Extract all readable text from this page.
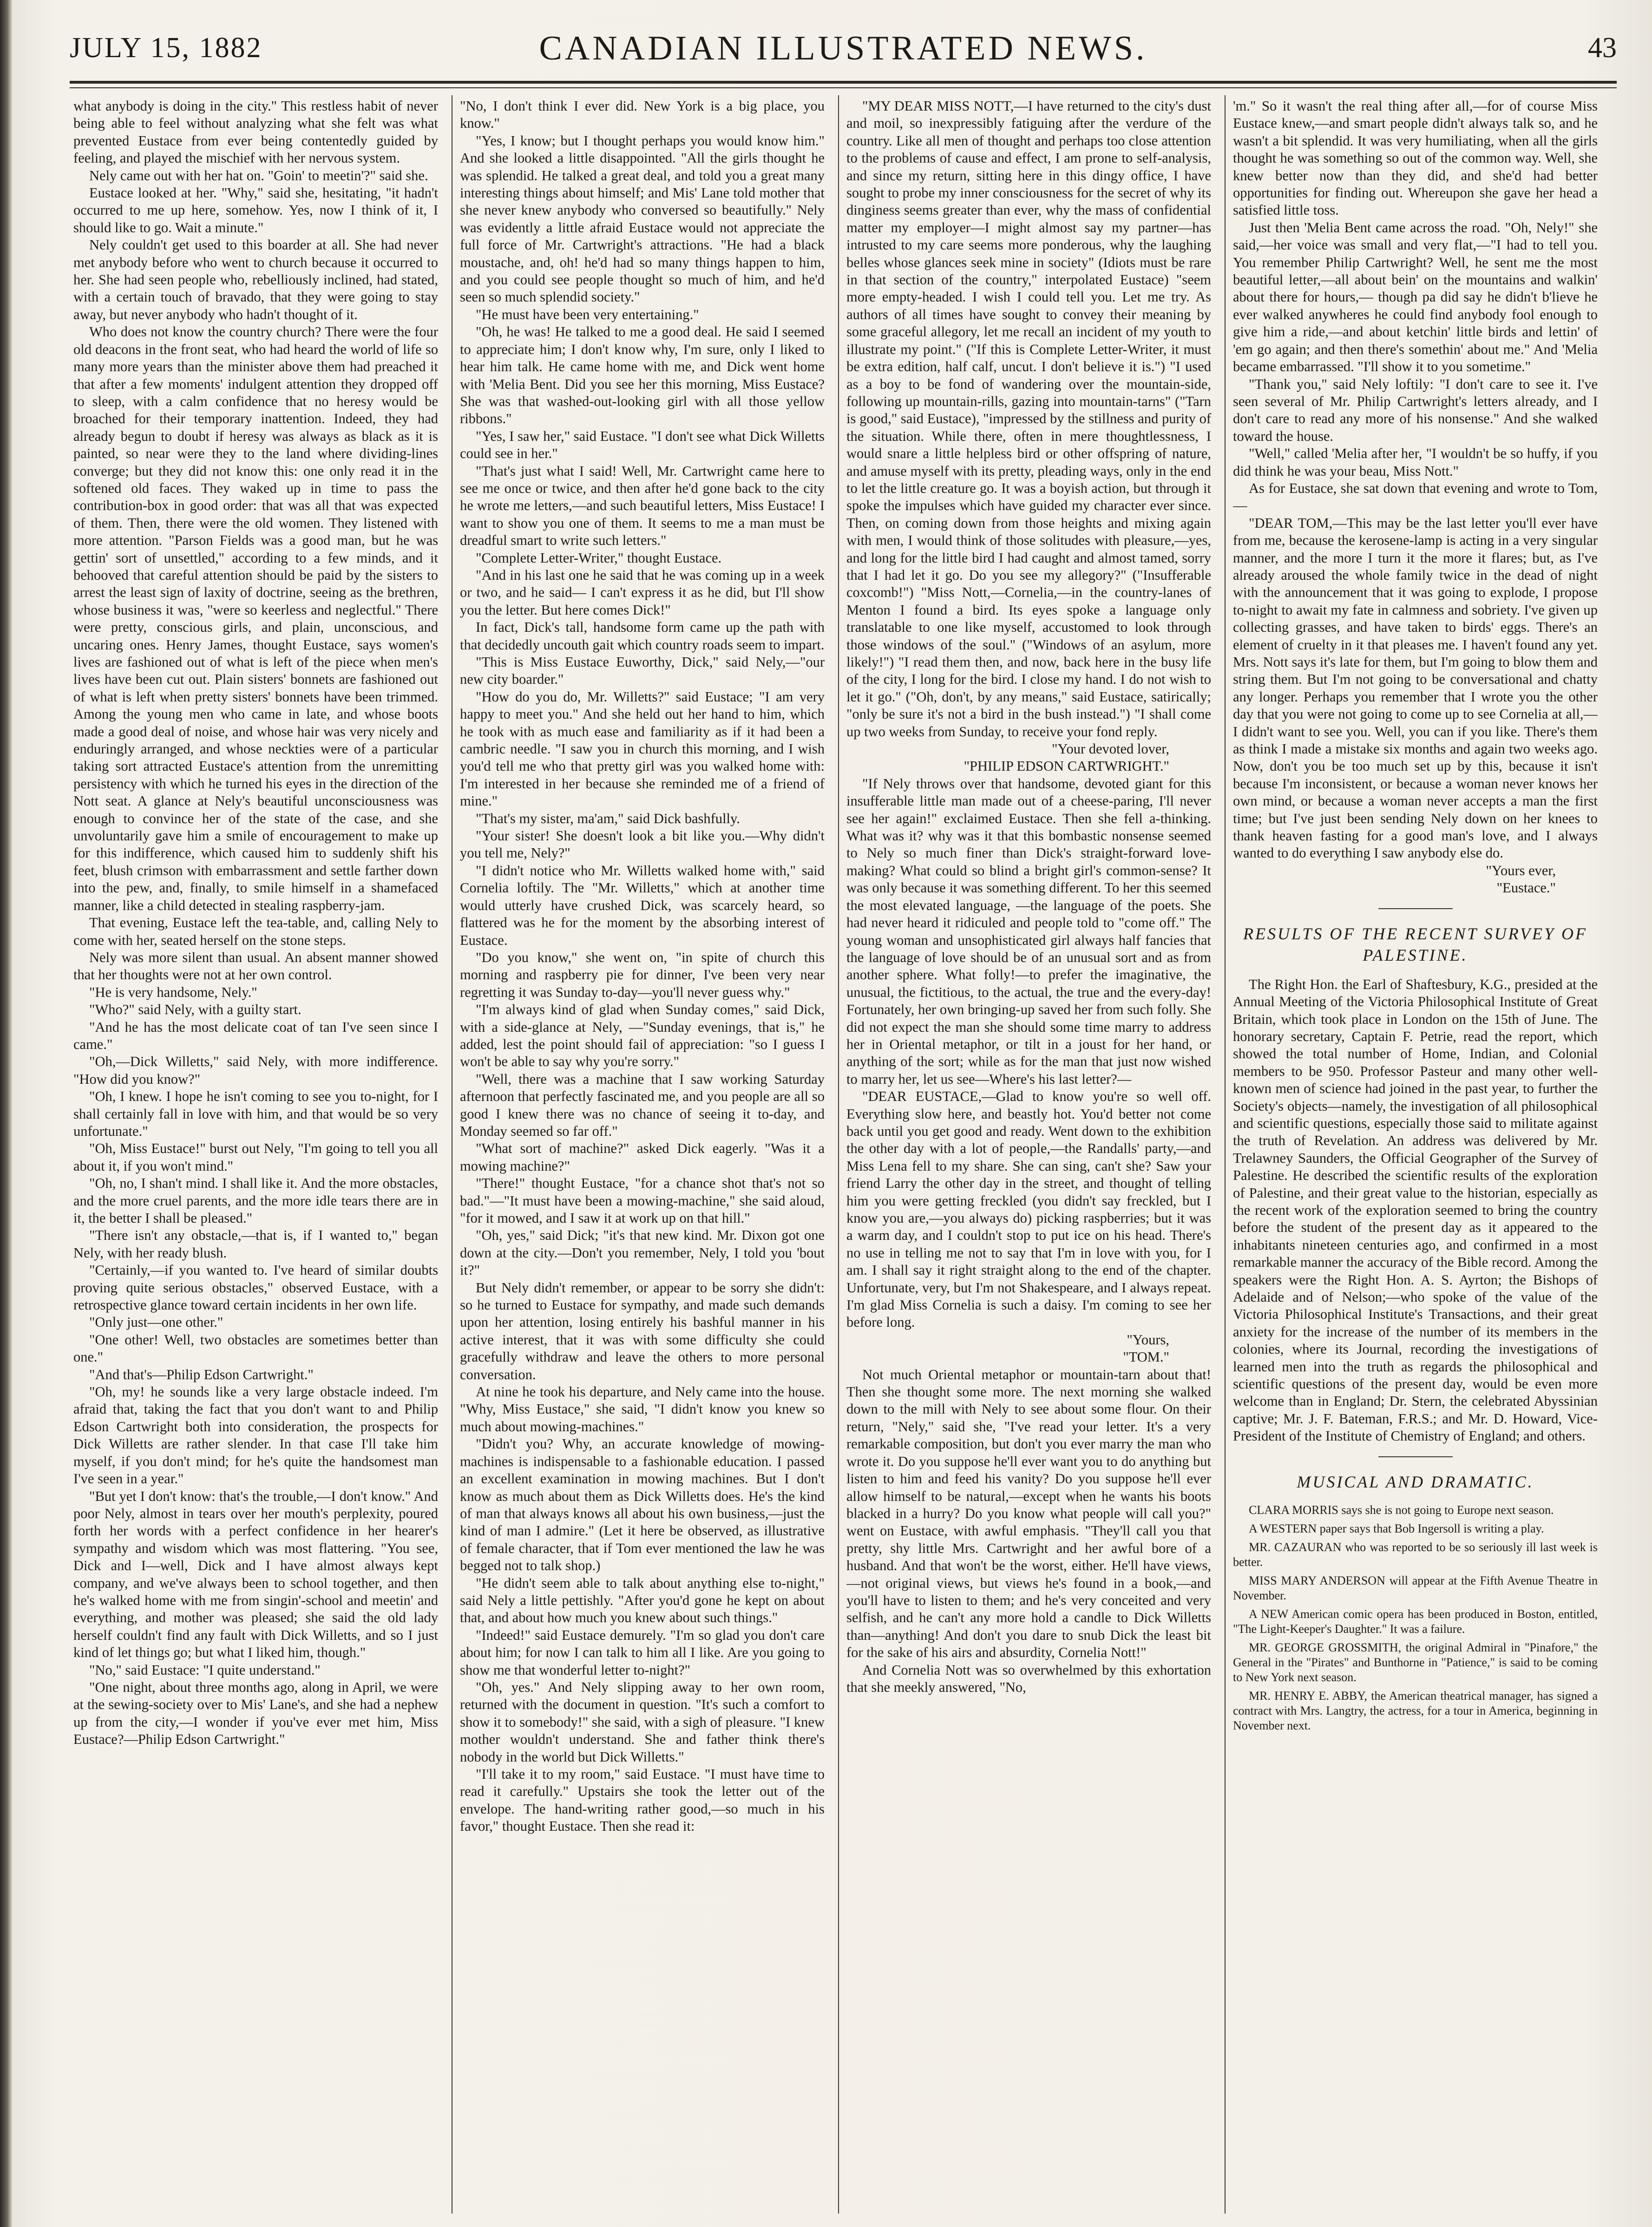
JULY 15, 1882	CANADIAN ILLUSTRATED NEWS.	43

what anybody is doing in the city." This restless habit of never being able to feel without analyzing what she felt was what prevented Eustace from ever being contentedly guided by feeling, and played the mischief with her nervous system.

Nely came out with her hat on. "Goin' to meetin'?" said she.

Eustace looked at her. "Why," said she, hesitating, "it hadn't occurred to me up here, somehow. Yes, now I think of it, I should like to go. Wait a minute."

Nely couldn't get used to this boarder at all. She had never met anybody before who went to church because it occurred to her. She had seen people who, rebelliously inclined, had stated, with a certain touch of bravado, that they were going to stay away, but never anybody who hadn't thought of it.

Who does not know the country church? There were the four old deacons in the front seat, who had heard the world of life so many more years than the minister above them had preached it that after a few moments' indulgent attention they dropped off to sleep, with a calm confidence that no heresy would be broached for their temporary inattention. Indeed, they had already begun to doubt if heresy was always as black as it is painted, so near were they to the land where dividing-lines converge; but they did not know this: one only read it in the softened old faces. They waked up in time to pass the contribution-box in good order: that was all that was expected of them. Then, there were the old women. They listened with more attention. "Parson Fields was a good man, but he was gettin' sort of unsettled," according to a few minds, and it behooved that careful attention should be paid by the sisters to arrest the least sign of laxity of doctrine, seeing as the brethren, whose business it was, "were so keerless and neglectful." There were pretty, conscious girls, and plain, unconscious, and uncaring ones. Henry James, thought Eustace, says women's lives are fashioned out of what is left of the piece when men's lives have been cut out. Plain sisters' bonnets are fashioned out of what is left when pretty sisters' bonnets have been trimmed. Among the young men who came in late, and whose boots made a good deal of noise, and whose hair was very nicely and enduringly arranged, and whose neckties were of a particular taking sort attracted Eustace's attention from the unremitting persistency with which he turned his eyes in the direction of the Nott seat. A glance at Nely's beautiful unconsciousness was enough to convince her of the state of the case, and she unvoluntarily gave him a smile of encouragement to make up for this indifference, which caused him to suddenly shift his feet, blush crimson with embarrassment and settle farther down into the pew, and, finally, to smile himself in a shamefaced manner, like a child detected in stealing raspberry-jam.

That evening, Eustace left the tea-table, and, calling Nely to come with her, seated herself on the stone steps.

Nely was more silent than usual. An absent manner showed that her thoughts were not at her own control.

"He is very handsome, Nely."

"Who?" said Nely, with a guilty start.

"And he has the most delicate coat of tan I've seen since I came."

"Oh,—Dick Willetts," said Nely, with more indifference. "How did you know?"

"Oh, I knew. I hope he isn't coming to see you to-night, for I shall certainly fall in love with him, and that would be so very unfortunate."

"Oh, Miss Eustace!" burst out Nely, "I'm going to tell you all about it, if you won't mind."

"Oh, no, I shan't mind. I shall like it. And the more obstacles, and the more cruel parents, and the more idle tears there are in it, the better I shall be pleased."

"There isn't any obstacle,—that is, if I wanted to," began Nely, with her ready blush.

"Certainly,—if you wanted to. I've heard of similar doubts proving quite serious obstacles," observed Eustace, with a retrospective glance toward certain incidents in her own life.

"Only just—one other."

"One other! Well, two obstacles are sometimes better than one."

"And that's—Philip Edson Cartwright."

"Oh, my! he sounds like a very large obstacle indeed. I'm afraid that, taking the fact that you don't want to and Philip Edson Cartwright both into consideration, the prospects for Dick Willetts are rather slender. In that case I'll take him myself, if you don't mind; for he's quite the handsomest man I've seen in a year."

"But yet I don't know: that's the trouble,—I don't know." And poor Nely, almost in tears over her mouth's perplexity, poured forth her words with a perfect confidence in her hearer's sympathy and wisdom which was most flattering. "You see, Dick and I—well, Dick and I have almost always kept company, and we've always been to school together, and then he's walked home with me from singin'-school and meetin' and everything, and mother was pleased; she said the old lady herself couldn't find any fault with Dick Willetts, and so I just kind of let things go; but what I liked him, though."

"No," said Eustace: "I quite understand."

"One night, about three months ago, along in April, we were at the sewing-society over to Mis' Lane's, and she had a nephew up from the city,—I wonder if you've ever met him, Miss Eustace?—Philip Edson Cartwright."

"No, I don't think I ever did. New York is a big place, you know."

"Yes, I know; but I thought perhaps you would know him." And she looked a little disappointed. "All the girls thought he was splendid. He talked a great deal, and told you a great many interesting things about himself; and Mis' Lane told mother that she never knew anybody who conversed so beautifully." Nely was evidently a little afraid Eustace would not appreciate the full force of Mr. Cartwright's attractions. "He had a black moustache, and, oh! he'd had so many things happen to him, and you could see people thought so much of him, and he'd seen so much splendid society."

"He must have been very entertaining."

"Oh, he was! He talked to me a good deal. He said I seemed to appreciate him; I don't know why, I'm sure, only I liked to hear him talk. He came home with me, and Dick went home with 'Melia Bent. Did you see her this morning, Miss Eustace? She was that washed-out-looking girl with all those yellow ribbons."

"Yes, I saw her," said Eustace. "I don't see what Dick Willetts could see in her."

"That's just what I said! Well, Mr. Cartwright came here to see me once or twice, and then after he'd gone back to the city he wrote me letters,—and such beautiful letters, Miss Eustace! I want to show you one of them. It seems to me a man must be dreadful smart to write such letters."

"Complete Letter-Writer," thought Eustace.

"And in his last one he said that he was coming up in a week or two, and he said— I can't express it as he did, but I'll show you the letter. But here comes Dick!"

In fact, Dick's tall, handsome form came up the path with that decidedly uncouth gait which country roads seem to impart.

"This is Miss Eustace Euworthy, Dick," said Nely,—"our new city boarder."

"How do you do, Mr. Willetts?" said Eustace; "I am very happy to meet you." And she held out her hand to him, which he took with as much ease and familiarity as if it had been a cambric needle. "I saw you in church this morning, and I wish you'd tell me who that pretty girl was you walked home with: I'm interested in her because she reminded me of a friend of mine."

"That's my sister, ma'am," said Dick bashfully.

"Your sister! She doesn't look a bit like you.—Why didn't you tell me, Nely?"

"I didn't notice who Mr. Willetts walked home with," said Cornelia loftily. The "Mr. Willetts," which at another time would utterly have crushed Dick, was scarcely heard, so flattered was he for the moment by the absorbing interest of Eustace.

"Do you know," she went on, "in spite of church this morning and raspberry pie for dinner, I've been very near regretting it was Sunday to-day—you'll never guess why."

"I'm always kind of glad when Sunday comes," said Dick, with a side-glance at Nely, —"Sunday evenings, that is," he added, lest the point should fail of appreciation: "so I guess I won't be able to say why you're sorry."

"Well, there was a machine that I saw working Saturday afternoon that perfectly fascinated me, and you people are all so good I knew there was no chance of seeing it to-day, and Monday seemed so far off."

"What sort of machine?" asked Dick eagerly. "Was it a mowing machine?"

"There!" thought Eustace, "for a chance shot that's not so bad."—"It must have been a mowing-machine," she said aloud, "for it mowed, and I saw it at work up on that hill."

"Oh, yes," said Dick; "it's that new kind. Mr. Dixon got one down at the city.—Don't you remember, Nely, I told you 'bout it?"

But Nely didn't remember, or appear to be sorry she didn't: so he turned to Eustace for sympathy, and made such demands upon her attention, losing entirely his bashful manner in his active interest, that it was with some difficulty she could gracefully withdraw and leave the others to more personal conversation.

At nine he took his departure, and Nely came into the house. "Why, Miss Eustace," she said, "I didn't know you knew so much about mowing-machines."

"Didn't you? Why, an accurate knowledge of mowing-machines is indispensable to a fashionable education. I passed an excellent examination in mowing machines. But I don't know as much about them as Dick Willetts does. He's the kind of man that always knows all about his own business,—just the kind of man I admire." (Let it here be observed, as illustrative of female character, that if Tom ever mentioned the law he was begged not to talk shop.)

"He didn't seem able to talk about anything else to-night," said Nely a little pettishly. "After you'd gone he kept on about that, and about how much you knew about such things."

"Indeed!" said Eustace demurely. "I'm so glad you don't care about him; for now I can talk to him all I like. Are you going to show me that wonderful letter to-night?"

"Oh, yes." And Nely slipping away to her own room, returned with the document in question. "It's such a comfort to show it to somebody!" she said, with a sigh of pleasure. "I knew mother wouldn't understand. She and father think there's nobody in the world but Dick Willetts."

"I'll take it to my room," said Eustace. "I must have time to read it carefully." Upstairs she took the letter out of the envelope. The hand-writing rather good,—so much in his favor," thought Eustace. Then she read it:

"MY DEAR MISS NOTT,—I have returned to the city's dust and moil, so inexpressibly fatiguing after the verdure of the country. Like all men of thought and perhaps too close attention to the problems of cause and effect, I am prone to self-analysis, and since my return, sitting here in this dingy office, I have sought to probe my inner consciousness for the secret of why its dinginess seems greater than ever, why the mass of confidential matter my employer—I might almost say my partner—has intrusted to my care seems more ponderous, why the laughing belles whose glances seek mine in society" (Idiots must be rare in that section of the country," interpolated Eustace) "seem more empty-headed. I wish I could tell you. Let me try. As authors of all times have sought to convey their meaning by some graceful allegory, let me recall an incident of my youth to illustrate my point." ("If this is Complete Letter-Writer, it must be extra edition, half calf, uncut. I don't believe it is.") "I used as a boy to be fond of wandering over the mountain-side, following up mountain-rills, gazing into mountain-tarns" ("Tarn is good," said Eustace), "impressed by the stillness and purity of the situation. While there, often in mere thoughtlessness, I would snare a little helpless bird or other offspring of nature, and amuse myself with its pretty, pleading ways, only in the end to let the little creature go. It was a boyish action, but through it spoke the impulses which have guided my character ever since. Then, on coming down from those heights and mixing again with men, I would think of those solitudes with pleasure,—yes, and long for the little bird I had caught and almost tamed, sorry that I had let it go. Do you see my allegory?" ("Insufferable coxcomb!") "Miss Nott,—Cornelia,—in the country-lanes of Menton I found a bird. Its eyes spoke a language only translatable to one like myself, accustomed to look through those windows of the soul." ("Windows of an asylum, more likely!") "I read them then, and now, back here in the busy life of the city, I long for the bird. I close my hand. I do not wish to let it go." ("Oh, don't, by any means," said Eustace, satirically; "only be sure it's not a bird in the bush instead.") "I shall come up two weeks from Sunday, to receive your fond reply.

"Your devoted lover,

"PHILIP EDSON CARTWRIGHT."

"If Nely throws over that handsome, devoted giant for this insufferable little man made out of a cheese-paring, I'll never see her again!" exclaimed Eustace. Then she fell a-thinking. What was it? why was it that this bombastic nonsense seemed to Nely so much finer than Dick's straight-forward love-making? What could so blind a bright girl's common-sense? It was only because it was something different. To her this seemed the most elevated language, —the language of the poets. She had never heard it ridiculed and people told to "come off." The young woman and unsophisticated girl always half fancies that the language of love should be of an unusual sort and as from another sphere. What folly!—to prefer the imaginative, the unusual, the fictitious, to the actual, the true and the every-day! Fortunately, her own bringing-up saved her from such folly. She did not expect the man she should some time marry to address her in Oriental metaphor, or tilt in a joust for her hand, or anything of the sort; while as for the man that just now wished to marry her, let us see—Where's his last letter?—

"DEAR EUSTACE,—Glad to know you're so well off. Everything slow here, and beastly hot. You'd better not come back until you get good and ready. Went down to the exhibition the other day with a lot of people,—the Randalls' party,—and Miss Lena fell to my share. She can sing, can't she? Saw your friend Larry the other day in the street, and thought of telling him you were getting freckled (you didn't say freckled, but I know you are,—you always do) picking raspberries; but it was a warm day, and I couldn't stop to put ice on his head. There's no use in telling me not to say that I'm in love with you, for I am. I shall say it right straight along to the end of the chapter. Unfortunate, very, but I'm not Shakespeare, and I always repeat. I'm glad Miss Cornelia is such a daisy. I'm coming to see her before long.

"Yours,

"TOM."

Not much Oriental metaphor or mountain-tarn about that! Then she thought some more. The next morning she walked down to the mill with Nely to see about some flour. On their return, "Nely," said she, "I've read your letter. It's a very remarkable composition, but don't you ever marry the man who wrote it. Do you suppose he'll ever want you to do anything but listen to him and feed his vanity? Do you suppose he'll ever allow himself to be natural,—except when he wants his boots blacked in a hurry? Do you know what people will call you?" went on Eustace, with awful emphasis. "They'll call you that pretty, shy little Mrs. Cartwright and her awful bore of a husband. And that won't be the worst, either. He'll have views,—not original views, but views he's found in a book,—and you'll have to listen to them; and he's very conceited and very selfish, and he can't any more hold a candle to Dick Willetts than—anything! And don't you dare to snub Dick the least bit for the sake of his airs and absurdity, Cornelia Nott!"

And Cornelia Nott was so overwhelmed by this exhortation that she meekly answered, "No,

'm." So it wasn't the real thing after all,—for of course Miss Eustace knew,—and smart people didn't always talk so, and he wasn't a bit splendid. It was very humiliating, when all the girls thought he was something so out of the common way. Well, she knew better now than they did, and she'd had better opportunities for finding out. Whereupon she gave her head a satisfied little toss.

Just then 'Melia Bent came across the road. "Oh, Nely!" she said,—her voice was small and very flat,—"I had to tell you. You remember Philip Cartwright? Well, he sent me the most beautiful letter,—all about bein' on the mountains and walkin' about there for hours,— though pa did say he didn't b'lieve he ever walked anywheres he could find anybody fool enough to give him a ride,—and about ketchin' little birds and lettin' of 'em go again; and then there's somethin' about me." And 'Melia became embarrassed. "I'll show it to you sometime."

"Thank you," said Nely loftily: "I don't care to see it. I've seen several of Mr. Philip Cartwright's letters already, and I don't care to read any more of his nonsense." And she walked toward the house.

"Well," called 'Melia after her, "I wouldn't be so huffy, if you did think he was your beau, Miss Nott."

As for Eustace, she sat down that evening and wrote to Tom,—

"DEAR TOM,—This may be the last letter you'll ever have from me, because the kerosene-lamp is acting in a very singular manner, and the more I turn it the more it flares; but, as I've already aroused the whole family twice in the dead of night with the announcement that it was going to explode, I propose to-night to await my fate in calmness and sobriety. I've given up collecting grasses, and have taken to birds' eggs. There's an element of cruelty in it that pleases me. I haven't found any yet. Mrs. Nott says it's late for them, but I'm going to blow them and string them. But I'm not going to be conversational and chatty any longer. Perhaps you remember that I wrote you the other day that you were not going to come up to see Cornelia at all,—I didn't want to see you. Well, you can if you like. There's them as think I made a mistake six months and again two weeks ago. Now, don't you be too much set up by this, because it isn't because I'm inconsistent, or because a woman never knows her own mind, or because a woman never accepts a man the first time; but I've just been sending Nely down on her knees to thank heaven fasting for a good man's love, and I always wanted to do everything I saw anybody else do.

"Yours ever,

"Eustace."

RESULTS OF THE RECENT SURVEY OF PALESTINE.

The Right Hon. the Earl of Shaftesbury, K.G., presided at the Annual Meeting of the Victoria Philosophical Institute of Great Britain, which took place in London on the 15th of June. The honorary secretary, Captain F. Petrie, read the report, which showed the total number of Home, Indian, and Colonial members to be 950. Professor Pasteur and many other well-known men of science had joined in the past year, to further the Society's objects—namely, the investigation of all philosophical and scientific questions, especially those said to militate against the truth of Revelation. An address was delivered by Mr. Trelawney Saunders, the Official Geographer of the Survey of Palestine. He described the scientific results of the exploration of Palestine, and their great value to the historian, especially as the recent work of the exploration seemed to bring the country before the student of the present day as it appeared to the inhabitants nineteen centuries ago, and confirmed in a most remarkable manner the accuracy of the Bible record. Among the speakers were the Right Hon. A. S. Ayrton; the Bishops of Adelaide and of Nelson;—who spoke of the value of the Victoria Philosophical Institute's Transactions, and their great anxiety for the increase of the number of its members in the colonies, where its Journal, recording the investigations of learned men into the truth as regards the philosophical and scientific questions of the present day, would be even more welcome than in England; Dr. Stern, the celebrated Abyssinian captive; Mr. J. F. Bateman, F.R.S.; and Mr. D. Howard, Vice-President of the Institute of Chemistry of England; and others.

MUSICAL AND DRAMATIC.

CLARA MORRIS says she is not going to Europe next season.

A WESTERN paper says that Bob Ingersoll is writing a play.

MR. CAZAURAN who was reported to be so seriously ill last week is better.

MISS MARY ANDERSON will appear at the Fifth Avenue Theatre in November.

A NEW American comic opera has been produced in Boston, entitled, "The Light-Keeper's Daughter." It was a failure.

MR. GEORGE GROSSMITH, the original Admiral in "Pinafore," the General in the "Pirates" and Bunthorne in "Patience," is said to be coming to New York next season.

MR. HENRY E. ABBY, the American theatrical manager, has signed a contract with Mrs. Langtry, the actress, for a tour in America, beginning in November next.
